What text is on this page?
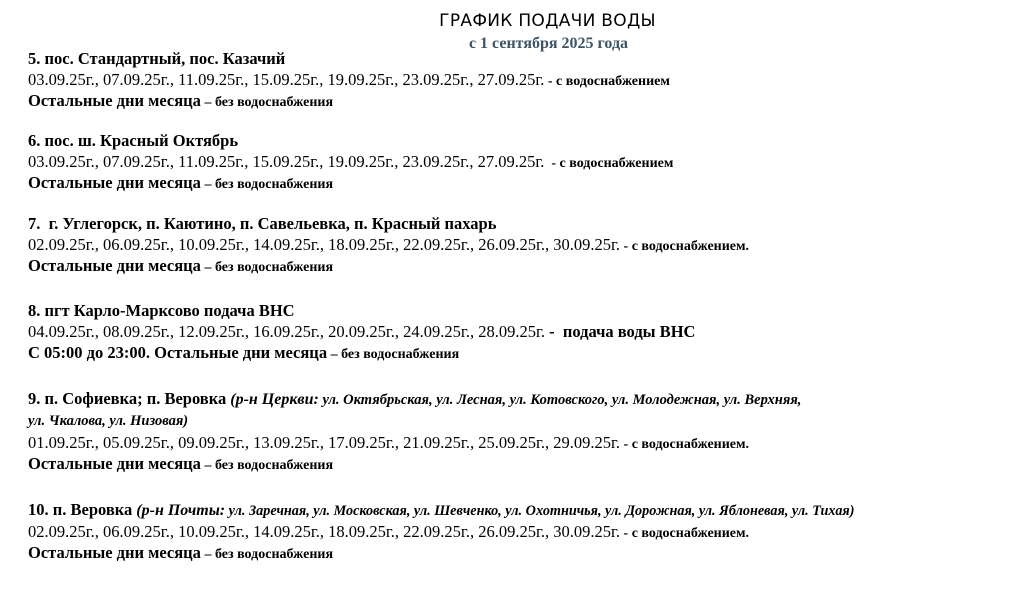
ГРАФИК ПОДАЧИ ВОДЫ
с 1 сентября 2025 года
5. пос. Стандартный, пос. Казачий
03.09.25г., 07.09.25г., 11.09.25г., 15.09.25г., 19.09.25г., 23.09.25г., 27.09.25г. - с водоснабжением
Остальные дни месяца – без водоснабжения
6. пос. ш. Красный Октябрь
03.09.25г., 07.09.25г., 11.09.25г., 15.09.25г., 19.09.25г., 23.09.25г., 27.09.25г.  - с водоснабжением
Остальные дни месяца – без водоснабжения
7.  г. Углегорск, п. Каютино, п. Савельевка, п. Красный пахарь
02.09.25г., 06.09.25г., 10.09.25г., 14.09.25г., 18.09.25г., 22.09.25г., 26.09.25г., 30.09.25г. - с водоснабжением.
Остальные дни месяца – без водоснабжения
8. пгт Карло-Марксово подача ВНС
04.09.25г., 08.09.25г., 12.09.25г., 16.09.25г., 20.09.25г., 24.09.25г., 28.09.25г. -  подача воды ВНС
С 05:00 до 23:00. Остальные дни месяца – без водоснабжения
9. п. Софиевка; п. Веровка (р-н Церкви: ул. Октябрьская, ул. Лесная, ул. Котовского, ул. Молодежная, ул. Верхняя,
ул. Чкалова, ул. Низовая)
01.09.25г., 05.09.25г., 09.09.25г., 13.09.25г., 17.09.25г., 21.09.25г., 25.09.25г., 29.09.25г. - с водоснабжением.
Остальные дни месяца – без водоснабжения
10. п. Веровка (р-н Почты: ул. Заречная, ул. Московская, ул. Шевченко, ул. Охотничья, ул. Дорожная, ул. Яблоневая, ул. Тихая)
02.09.25г., 06.09.25г., 10.09.25г., 14.09.25г., 18.09.25г., 22.09.25г., 26.09.25г., 30.09.25г. - с водоснабжением.
Остальные дни месяца – без водоснабжения
